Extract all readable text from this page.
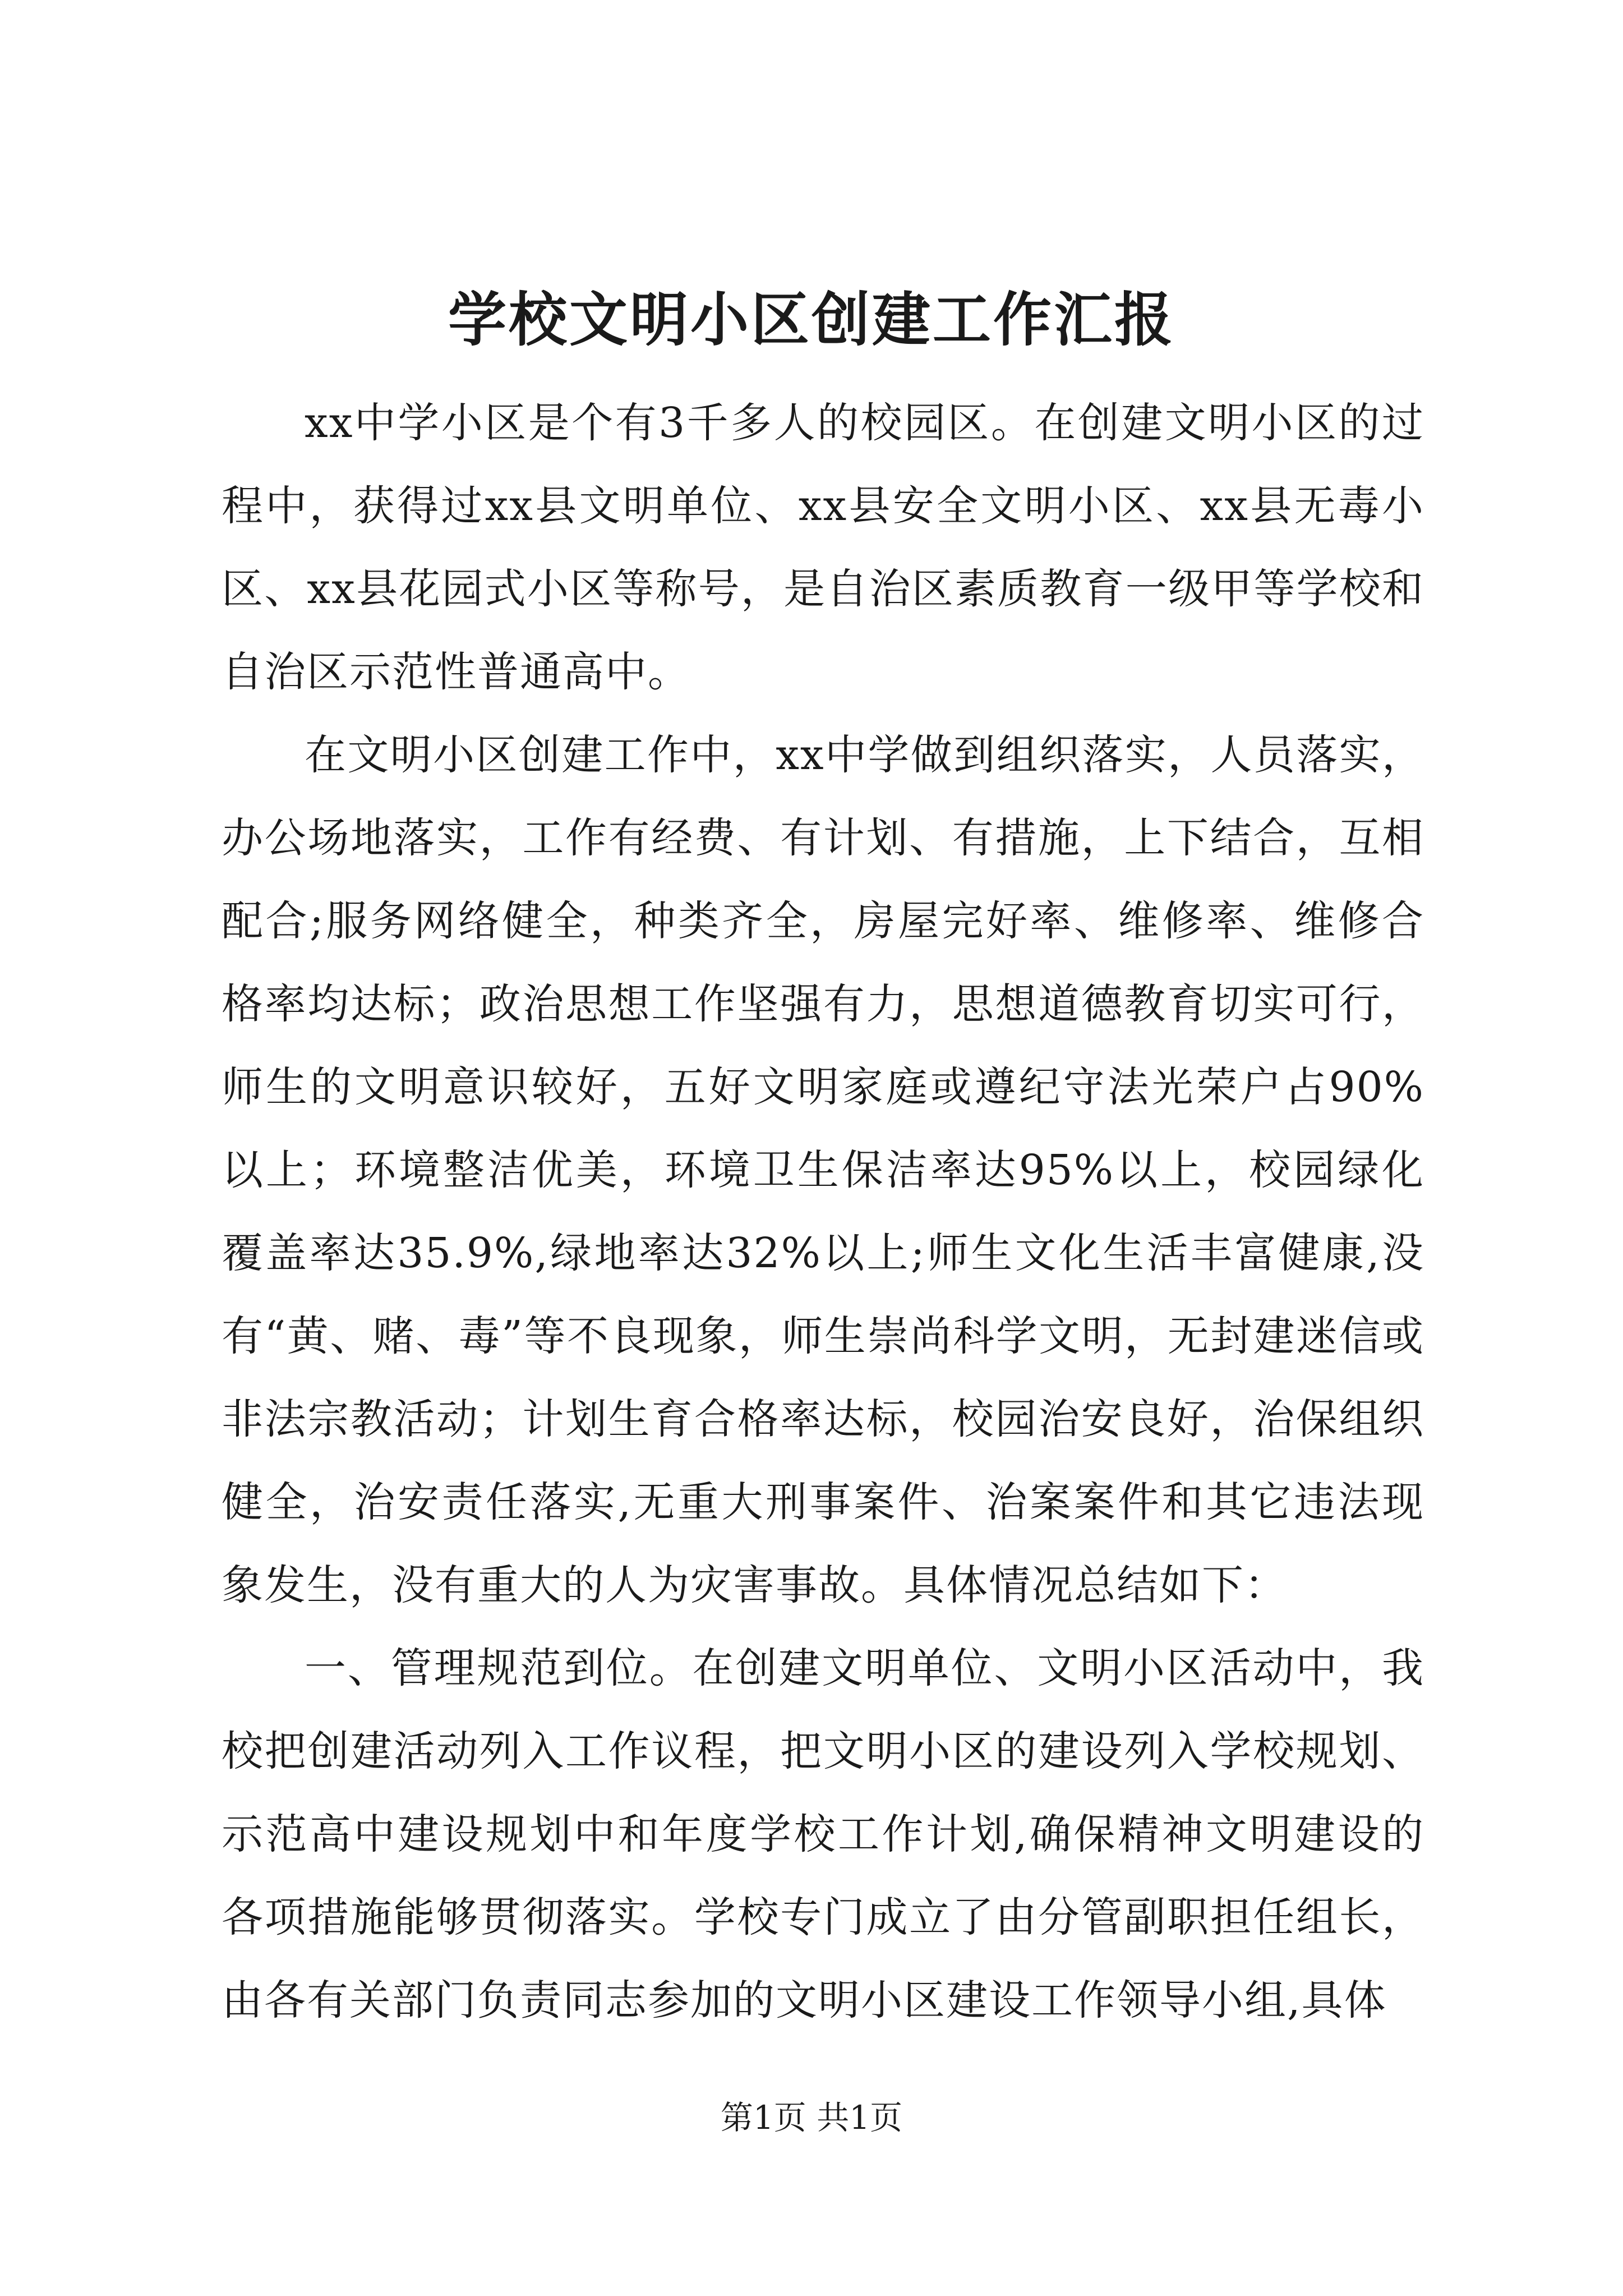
学校文明小区创建工作汇报

xx中学小区是个有3千多人的校园区。在创建文明小区的过程中，获得过xx县文明单位、xx县安全文明小区、xx县无毒小区、xx县花园式小区等称号，是自治区素质教育一级甲等学校和自治区示范性普通高中。

在文明小区创建工作中，xx中学做到组织落实，人员落实，办公场地落实，工作有经费、有计划、有措施，上下结合，互相配合;服务网络健全，种类齐全，房屋完好率、维修率、维修合格率均达标；政治思想工作坚强有力，思想道德教育切实可行，师生的文明意识较好，五好文明家庭或遵纪守法光荣户占90%以上；环境整洁优美，环境卫生保洁率达95%以上，校园绿化覆盖率达35.9%,绿地率达32%以上;师生文化生活丰富健康,没有“黄、赌、毒”等不良现象，师生崇尚科学文明，无封建迷信或非法宗教活动；计划生育合格率达标，校园治安良好，治保组织健全，治安责任落实,无重大刑事案件、治案案件和其它违法现象发生，没有重大的人为灾害事故。具体情况总结如下：

一、管理规范到位。在创建文明单位、文明小区活动中，我校把创建活动列入工作议程，把文明小区的建设列入学校规划、示范高中建设规划中和年度学校工作计划,确保精神文明建设的各项措施能够贯彻落实。学校专门成立了由分管副职担任组长，由各有关部门负责同志参加的文明小区建设工作领导小组,具体

第1页 共1页
